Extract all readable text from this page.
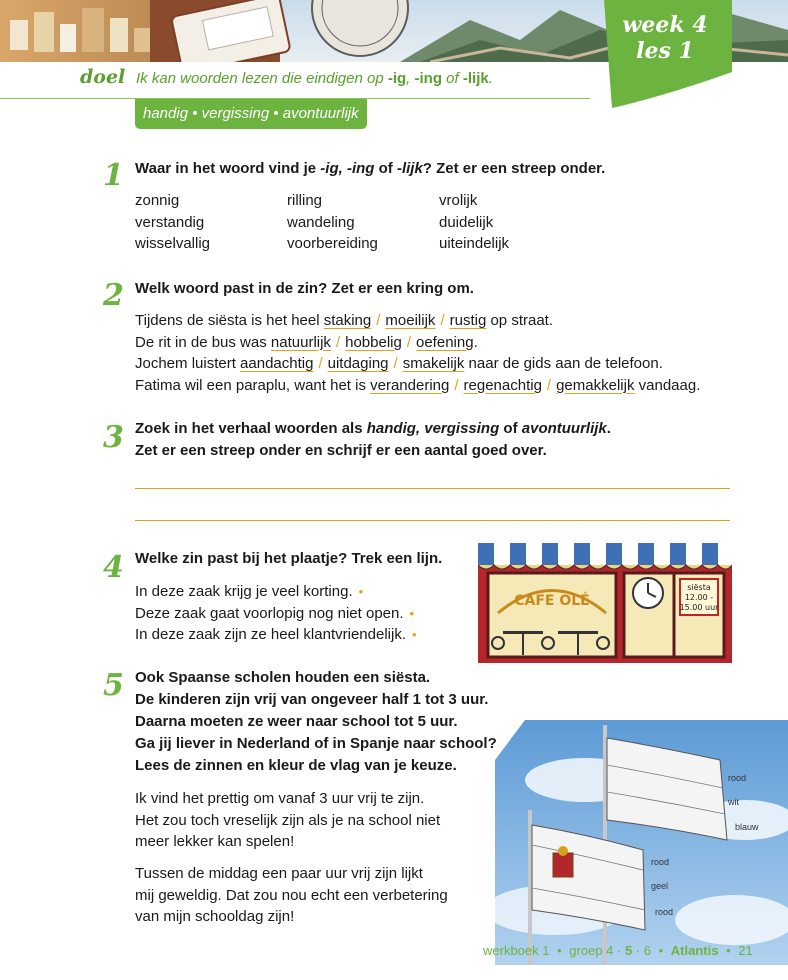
week 4
les 1
doel Ik kan woorden lezen die eindigen op -ig, -ing of -lijk.
handig • vergissing • avontuurlijk
1 Waar in het woord vind je -ig, -ing of -lijk? Zet er een streep onder.
zonnig
verstandig
wisselvallig
rilling
wandeling
voorbereiding
vrolijk
duidelijk
uiteindelijk
2 Welk woord past in de zin? Zet er een kring om.
Tijdens de siësta is het heel staking / moeilijk / rustig op straat.
De rit in de bus was natuurlijk / hobbelig / oefening.
Jochem luistert aandachtig / uitdaging / smakelijk naar de gids aan de telefoon.
Fatima wil een paraplu, want het is verandering / regenachtig / gemakkelijk vandaag.
3 Zoek in het verhaal woorden als handig, vergissing of avontuurlijk.
Zet er een streep onder en schrijf er een aantal goed over.
4 Welke zin past bij het plaatje? Trek een lijn.
In deze zaak krijg je veel korting. •
Deze zaak gaat voorlopig nog niet open. •
In deze zaak zijn ze heel klantvriendelijk. •
CAFE OLÉ
siësta
12.00 -
15.00 uur
5 Ook Spaanse scholen houden een siësta.
De kinderen zijn vrij van ongeveer half 1 tot 3 uur.
Daarna moeten ze weer naar school tot 5 uur.
Ga jij liever in Nederland of in Spanje naar school?
Lees de zinnen en kleur de vlag van je keuze.
Ik vind het prettig om vanaf 3 uur vrij te zijn.
Het zou toch vreselijk zijn als je na school niet
meer lekker kan spelen!
Tussen de middag een paar uur vrij zijn lijkt
mij geweldig. Dat zou nou echt een verbetering
van mijn schooldag zijn!
rood
wit
blauw
rood
geel
rood
werkboek 1 • groep 4 · 5 · 6 • Atlantis • 21
